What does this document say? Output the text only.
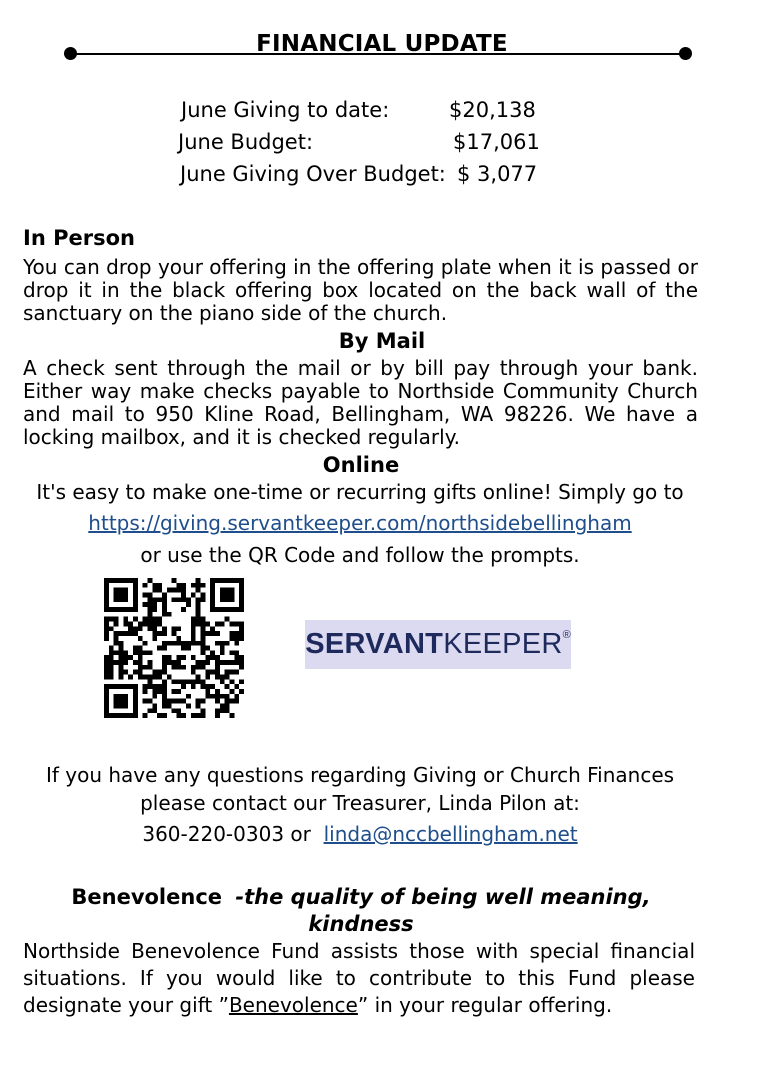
FINANCIAL UPDATE
June Giving to date:	$20,138
June Budget:	$17,061
June Giving Over Budget: $ 3,077
In Person
You can drop your offering in the offering plate when it is passed or drop it in the black offering box located on the back wall of the sanctuary on the piano side of the church.
By Mail
A check sent through the mail or by bill pay through your bank. Either way make checks payable to Northside Community Church and mail to 950 Kline Road, Bellingham, WA 98226. We have a locking mailbox, and it is checked regularly.
Online
It's easy to make one-time or recurring gifts online! Simply go to
https://giving.servantkeeper.com/northsidebellingham
or use the QR Code and follow the prompts.
SERVANT KEEPER ®
If you have any questions regarding Giving or Church Finances
please contact our Treasurer, Linda Pilon at:
360-220-0303 or linda@nccbellingham.net
Benevolence -the quality of being well meaning,
kindness
Northside Benevolence Fund assists those with special financial situations. If you would like to contribute to this Fund please designate your gift ”Benevolence” in your regular offering.
